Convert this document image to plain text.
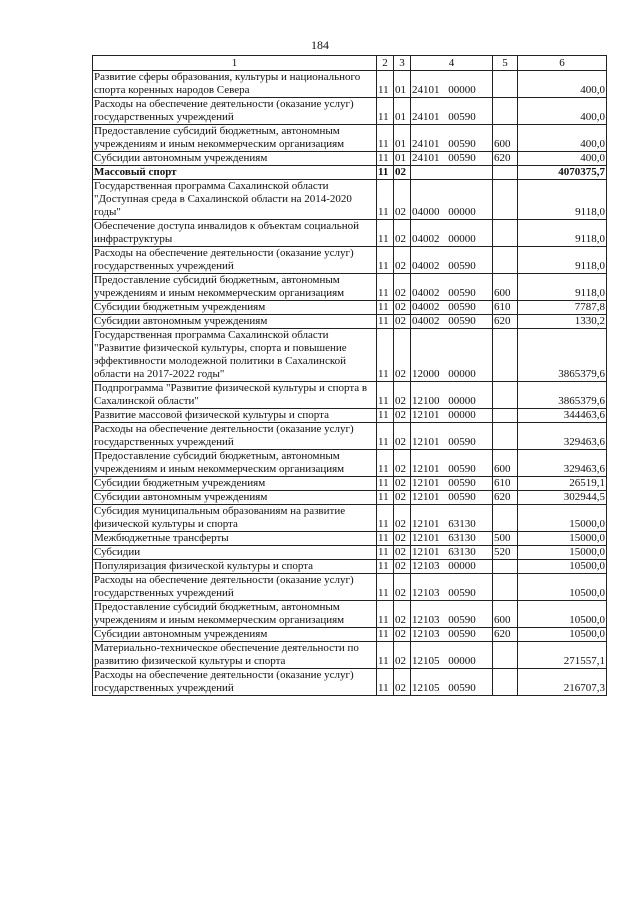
184
1	2	3	4	5	6
Развитие сферы образования, культуры и национального спорта коренных народов Севера	11	01	24101 00000		400,0
Расходы на обеспечение деятельности (оказание услуг) государственных учреждений	11	01	24101 00590		400,0
Предоставление субсидий бюджетным, автономным учреждениям и иным некоммерческим организациям	11	01	24101 00590	600	400,0
Субсидии автономным учреждениям	11	01	24101 00590	620	400,0
Массовый спорт	11	02			4070375,7
Государственная программа Сахалинской области "Доступная среда в Сахалинской области на 2014-2020 годы"	11	02	04000 00000		9118,0
Обеспечение доступа инвалидов к объектам социальной инфраструктуры	11	02	04002 00000		9118,0
Расходы на обеспечение деятельности (оказание услуг) государственных учреждений	11	02	04002 00590		9118,0
Предоставление субсидий бюджетным, автономным учреждениям и иным некоммерческим организациям	11	02	04002 00590	600	9118,0
Субсидии бюджетным учреждениям	11	02	04002 00590	610	7787,8
Субсидии автономным учреждениям	11	02	04002 00590	620	1330,2
Государственная программа Сахалинской области "Развитие физической культуры, спорта и повышение эффективности молодежной политики в Сахалинской области на 2017-2022 годы"	11	02	12000 00000		3865379,6
Подпрограмма "Развитие физической культуры и спорта в Сахалинской области"	11	02	12100 00000		3865379,6
Развитие массовой физической культуры и спорта	11	02	12101 00000		344463,6
Расходы на обеспечение деятельности (оказание услуг) государственных учреждений	11	02	12101 00590		329463,6
Предоставление субсидий бюджетным, автономным учреждениям и иным некоммерческим организациям	11	02	12101 00590	600	329463,6
Субсидии бюджетным учреждениям	11	02	12101 00590	610	26519,1
Субсидии автономным учреждениям	11	02	12101 00590	620	302944,5
Субсидия муниципальным образованиям на развитие физической культуры и спорта	11	02	12101 63130		15000,0
Межбюджетные трансферты	11	02	12101 63130	500	15000,0
Субсидии	11	02	12101 63130	520	15000,0
Популяризация физической культуры и спорта	11	02	12103 00000		10500,0
Расходы на обеспечение деятельности (оказание услуг) государственных учреждений	11	02	12103 00590		10500,0
Предоставление субсидий бюджетным, автономным учреждениям и иным некоммерческим организациям	11	02	12103 00590	600	10500,0
Субсидии автономным учреждениям	11	02	12103 00590	620	10500,0
Материально-техническое обеспечение деятельности по развитию физической культуры и спорта	11	02	12105 00000		271557,1
Расходы на обеспечение деятельности (оказание услуг) государственных учреждений	11	02	12105 00590		216707,3
